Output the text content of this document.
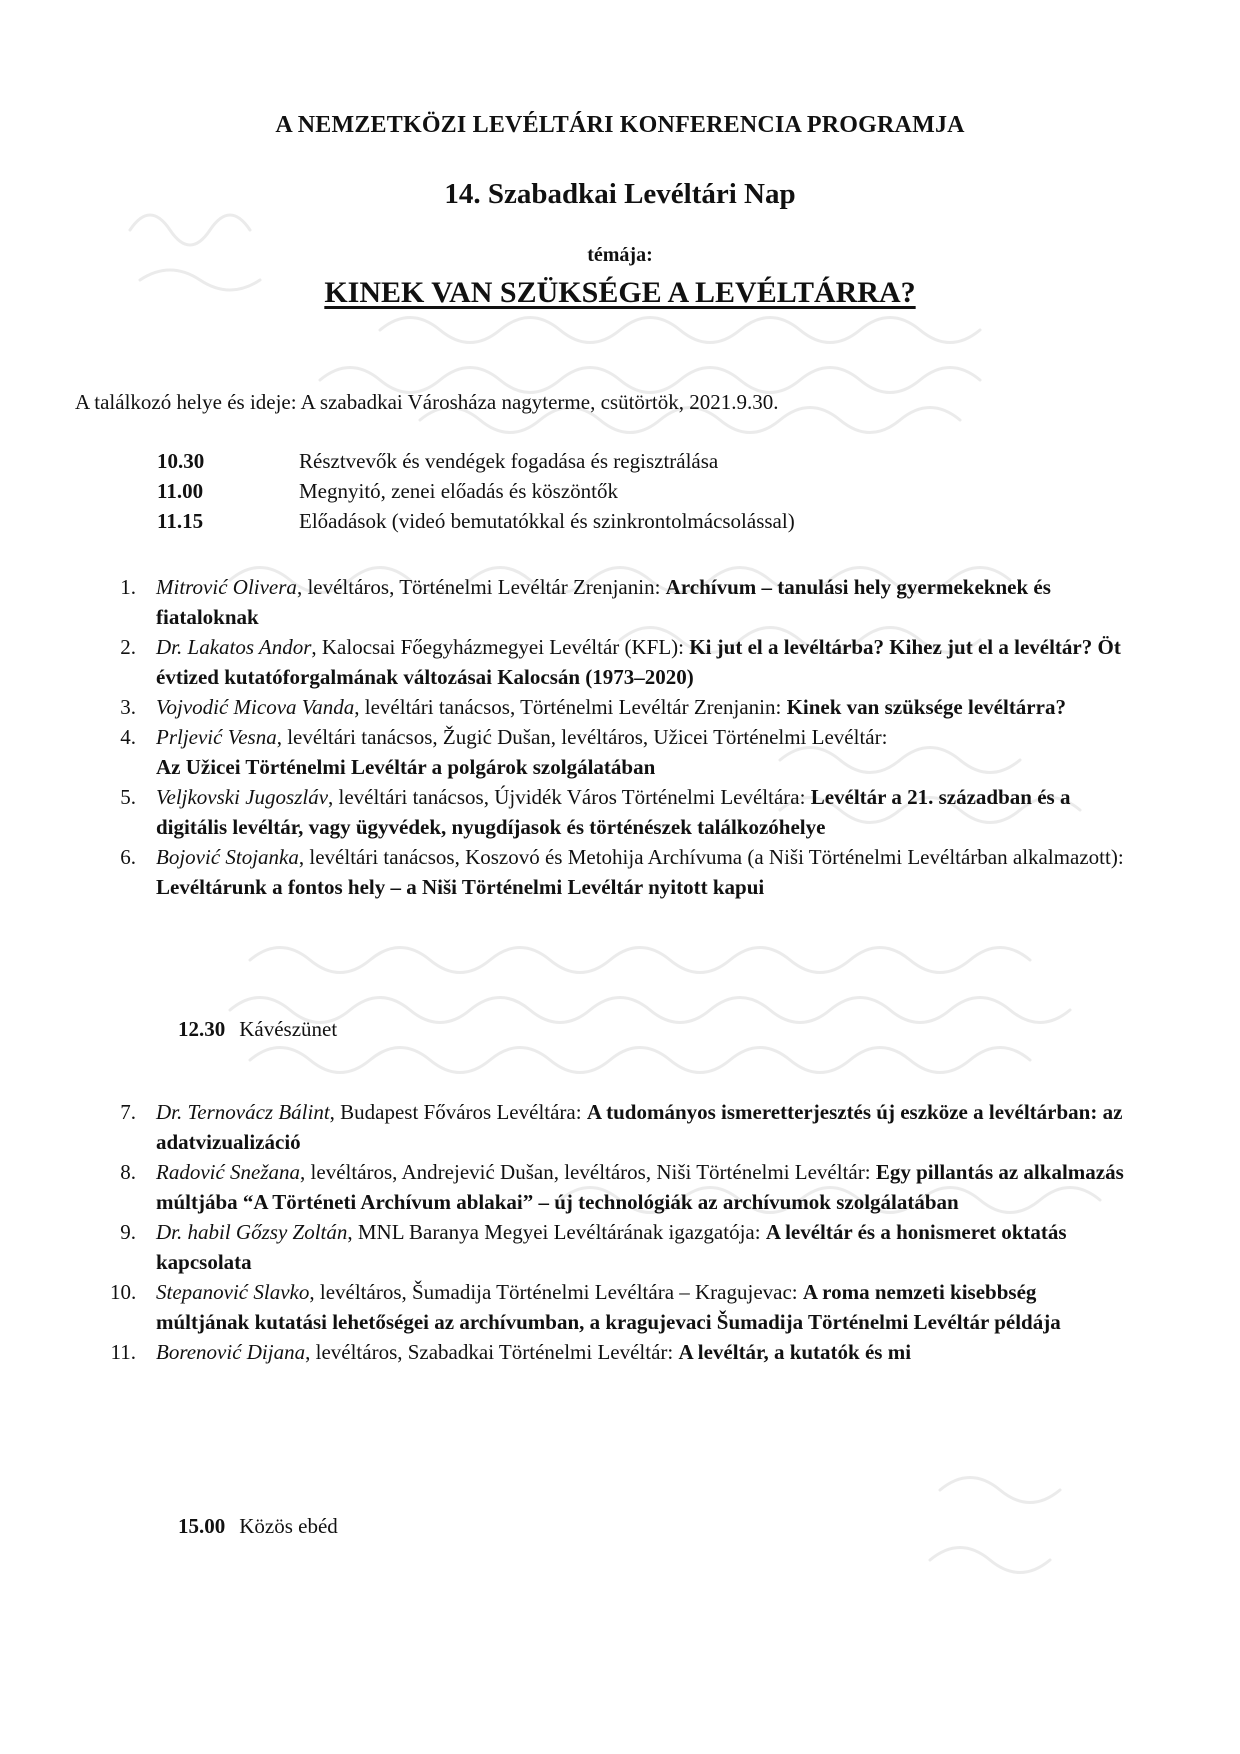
A NEMZETKÖZI LEVÉLTÁRI KONFERENCIA PROGRAMJA
14. Szabadkai Levéltári Nap
témája:
KINEK VAN SZÜKSÉGE A LEVÉLTÁRRA?
A találkozó helye és ideje: A szabadkai Városháza nagyterme, csütörtök, 2021.9.30.
10.30	Résztvevők és vendégek fogadása és regisztrálása
11.00	Megnyitó, zenei előadás és köszöntők
11.15	Előadások (videó bemutatókkal és szinkrontolmácsolással)
1. Mitrović Olivera, levéltáros, Történelmi Levéltár Zrenjanin: Archívum – tanulási hely gyermekeknek és fiataloknak
2. Dr. Lakatos Andor, Kalocsai Főegyházmegyei Levéltár (KFL): Ki jut el a levéltárba? Kihez jut el a levéltár? Öt évtized kutatóforgalmának változásai Kalocsán (1973–2020)
3. Vojvodić Micova Vanda, levéltári tanácsos, Történelmi Levéltár Zrenjanin: Kinek van szüksége levéltárra?
4. Prljević Vesna, levéltári tanácsos, Žugić Dušan, levéltáros, Užicei Történelmi Levéltár:
Az Užicei Történelmi Levéltár a polgárok szolgálatában
5. Veljkovski Jugoszláv, levéltári tanácsos, Újvidék Város Történelmi Levéltára: Levéltár a 21. században és a digitális levéltár, vagy ügyvédek, nyugdíjasok és történészek találkozóhelye
6. Bojović Stojanka, levéltári tanácsos, Koszovó és Metohija Archívuma (a Niši Történelmi Levéltárban alkalmazott): Levéltárunk a fontos hely – a Niši Történelmi Levéltár nyitott kapui
12.30 Kávészünet
7. Dr. Ternovácz Bálint, Budapest Főváros Levéltára: A tudományos ismeretterjesztés új eszköze a levéltárban: az adatvizualizáció
8. Radović Snežana, levéltáros, Andrejević Dušan, levéltáros, Niši Történelmi Levéltár: Egy pillantás az alkalmazás múltjába “A Történeti Archívum ablakai” – új technológiák az archívumok szolgálatában
9. Dr. habil Gőzsy Zoltán, MNL Baranya Megyei Levéltárának igazgatója: A levéltár és a honismeret oktatás kapcsolata
10. Stepanović Slavko, levéltáros, Šumadija Történelmi Levéltára – Kragujevac: A roma nemzeti kisebbség múltjának kutatási lehetőségei az archívumban, a kragujevaci Šumadija Történelmi Levéltár példája
11. Borenović Dijana, levéltáros, Szabadkai Történelmi Levéltár: A levéltár, a kutatók és mi
15.00 Közös ebéd
